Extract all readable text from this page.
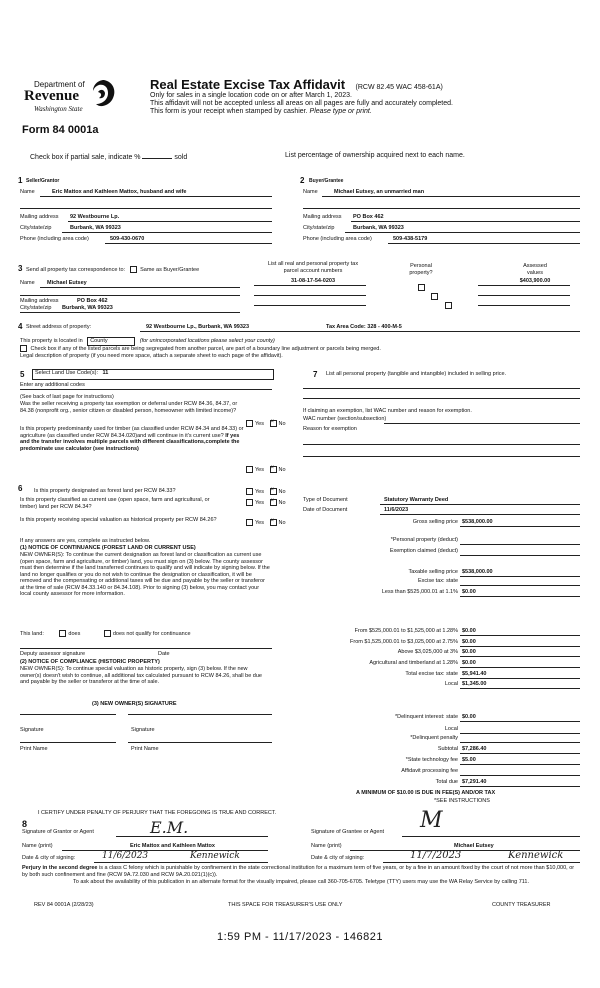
Department of
Revenue
Washington State
Form 84 0001a
Real Estate Excise Tax Affidavit (RCW 82.45 WAC 458-61A)
Only for sales in a single location code on or after March 1, 2023.
This affidavit will not be accepted unless all areas on all pages are fully and accurately completed.
This form is your receipt when stamped by cashier. Please type or print.
Check box if partial sale, indicate %	sold	List percentage of ownership acquired next to each name.
1 Seller/Grantor
Name	Eric Mattox and Kathleen Mattox, husband and wife
Mailing address 92 Westbourne Lp.
City/state/zip	Burbank, WA 99323
Phone (including area code)	509-430-0670
2 Buyer/Grantee
Name	Michael Eutsey, an unmarried man
Mailing address PO Box 462
City/state/zip	Burbank, WA 99323
Phone (including area code)	509-438-5179
3 Send all property tax correspondence to:	Same as Buyer/Grantee
Name Michael Eutsey
Mailing address	PO Box 462
City/state/zip Burbank, WA 99323
List all real and personal property tax
parcel account numbers
31-08-17-54-0203
Personal
property?

Assessed
values
$403,900.00
4 Street address of property:	92 Westbourne Lp., Burbank, WA 99323	Tax Area Code: 328 - 400-M-5
This property is located in County	(for unincorporated locations please select your county)
Check box if any of the listed parcels are being segregated from another parcel, are part of a boundary line adjustment or parcels being merged.
Legal description of property (if you need more space, attach a separate sheet to each page of the affidavit).
5	Select Land Use Code(s): 11
Enter any additional codes
(See back of last page for instructions)
Was the seller receiving a property tax exemption or deferral under RCW 84.36, 84.37, or 84.38 (nonprofit org., senior citizen or disabled person, homeowner with limited income)?
Yes ×	No
Is this property predominantly used for timber (as classified under RCW 84.34 and 84.33) or agriculture (as classified under RCW 84.34.020)and will continue in it's current use? If yes and the transfer involves multiple parcels with different classifications,complete the predominate use calculator (see instructions)
Yes ×	No
7 List all personal property (tangible and intangible) included in selling price.
If claiming an exemption, list WAC number and reason for exemption.
WAC number (section/subsection)
Reason for exemption
6 Is this property designated as forest land per RCW 84.33?	Yes ×	No
Is this property classified as current use (open space, farm and agricultural, or timber) land per RCW 84.34?
Yes ×	No
Is this property receiving special valuation as historical property per RCW 84.26?	Yes ×	No
If any answers are yes, complete as instructed below.
(1) NOTICE OF CONTINUANCE (FOREST LAND OR CURRENT USE)
NEW OWNER(S): To continue the current designation as forest land or classification as current use (open space, farm and agriculture, or timber) land, you must sign on (3) below. The county assessor must then determine if the land transferred continues to qualify and will indicate by signing below. If the land no longer qualifies or you do not wish to continue the designation or classification, it will be removed and the compensating or additional taxes will be due and payable by the seller or transferor at the time of sale (RCW 84.33.140 or 84.34.108). Prior to signing (3) below, you may contact your local county assessor for more information.
This land:	does	does not qualify for continuance
Deputy assessor signature	Date
(2) NOTICE OF COMPLIANCE (HISTORIC PROPERTY)
NEW OWNER(S): To continue special valuation as historic property, sign (3) below. If the new owner(s) doesn't wish to continue, all additional tax calculated pursuant to RCW 84.26, shall be due and payable by the seller or transferor at the time of sale.
(3) NEW OWNER(S) SIGNATURE
Signature	Signature
Print Name	Print Name
Type of Document	Statutory Warranty Deed
Date of Document	11/6/2023
Gross selling price $538,000.00
*Personal property (deduct)
Exemption claimed (deduct)
Taxable selling price $538,000.00
Excise tax: state
Less than $525,000.01 at 1.1% $0.00
From $525,000.01 to $1,525,000 at 1.28% $0.00
From $1,525,000.01 to $3,025,000 at 2.75% $0.00
Above $3,025,000 at 3% $0.00
Agricultural and timberland at 1.28% $0.00
Total excise tax: state $5,941.40
Local $1,345.00
*Delinquent interest: state $0.00
Local
*Delinquent penalty
Subtotal $7,286.40
*State technology fee $5.00
Affidavit processing fee
Total due $7,291.40
A MINIMUM OF $10.00 IS DUE IN FEE(S) AND/OR TAX
*SEE INSTRUCTIONS
I CERTIFY UNDER PENALTY OF PERJURY THAT THE FOREGOING IS TRUE AND CORRECT.
8
Signature of Grantor or Agent	E.M.	Signature of Grantee or Agent M
Name (print)	Eric Mattox and Kathleen Mattox	Name (print)	Michael Eutsey
Date & city of signing:	11/6/2023	Kennewick	Date & city of signing:	11/7/2023	Kennewick
Perjury in the second degree is a class C felony which is punishable by confinement in the state correctional institution for a maximum term of five years, or by a fine in an amount fixed by the court of not more than $10,000, or by both such confinement and fine (RCW 9A.72.030 and RCW 9A.20.021(1)(c)).
To ask about the availability of this publication in an alternate format for the visually impaired, please call 360-705-6705. Teletype (TTY) users may use the WA Relay Service by calling 711.
REV 84 0001A (2/28/23)	THIS SPACE FOR TREASURER'S USE ONLY	COUNTY TREASURER
1:59 PM - 11/17/2023 - 146821
